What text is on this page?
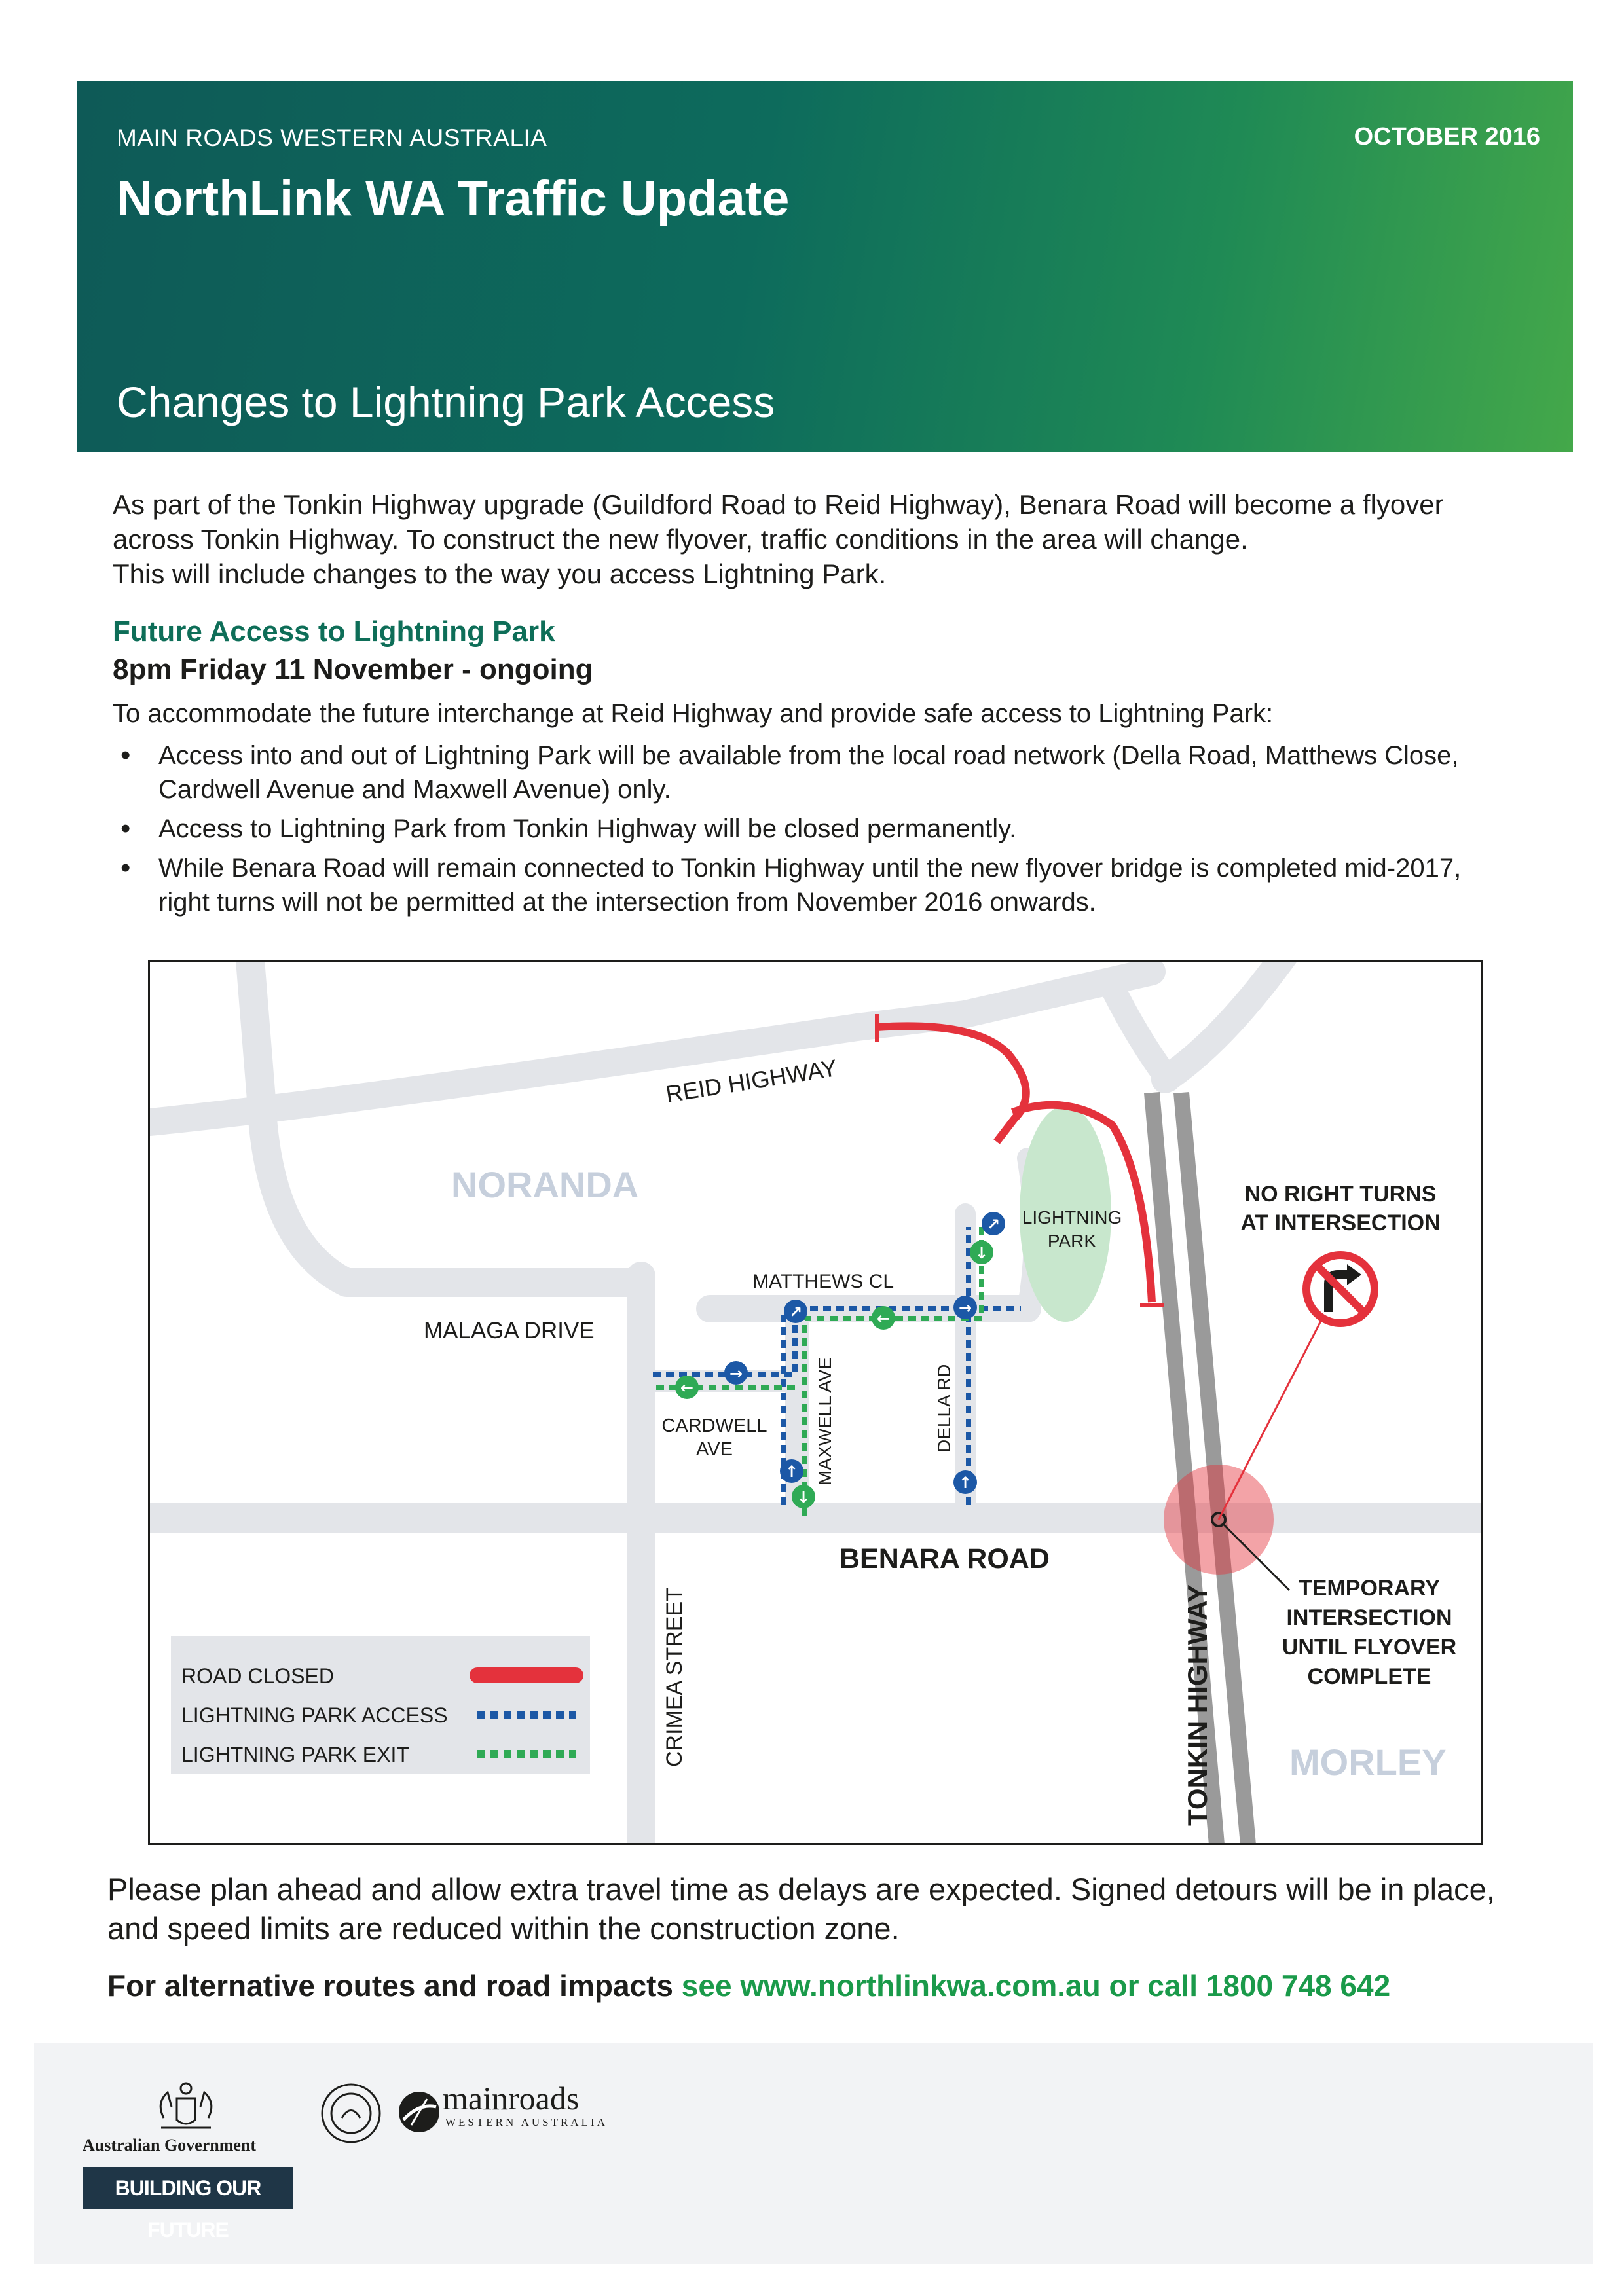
MAIN ROADS WESTERN AUSTRALIA	OCTOBER 2016
NorthLink WA Traffic Update
Changes to Lightning Park Access

As part of the Tonkin Highway upgrade (Guildford Road to Reid Highway), Benara Road will become a flyover

across Tonkin Highway. To construct the new flyover, traffic conditions in the area will change.

This will include changes to the way you access Lightning Park.

Future Access to Lightning Park
8pm Friday 11 November - ongoing
To accommodate the future interchange at Reid Highway and provide safe access to Lightning Park:
• Access into and out of Lightning Park will be available from the local road network (Della Road, Matthews Close, Cardwell Avenue and Maxwell Avenue) only.
• Access to Lightning Park from Tonkin Highway will be closed permanently.
• While Benara Road will remain connected to Tonkin Highway until the new flyover bridge is completed mid-2017, right turns will not be permitted at the intersection from November 2016 onwards.
↗
↓
→
←
↗
→
←
↑
↓
↑
REID HIGHWAY
NORANDA
MALAGA DRIVE
MATTHEWS CL
CARDWELL
AVE	MAXWELL AVE	DELLA RD
LIGHTNING
PARK
BENARA ROAD
CRIMEA STREET	TONKIN HIGHWAY
NO RIGHT TURNS
AT INTERSECTION
TEMPORARY
INTERSECTION
UNTIL FLYOVER
COMPLETE
MORLEY
ROAD CLOSED
LIGHTNING PARK ACCESS
LIGHTNING PARK EXIT

Please plan ahead and allow extra travel time as delays are expected. Signed detours will be in place,

and speed limits are reduced within the construction zone.

For alternative routes and road impacts see www.northlinkwa.com.au or call 1800 748 642
Australian Government
BUILDING OUR FUTURE
mainroads
WESTERN AUSTRALIA
